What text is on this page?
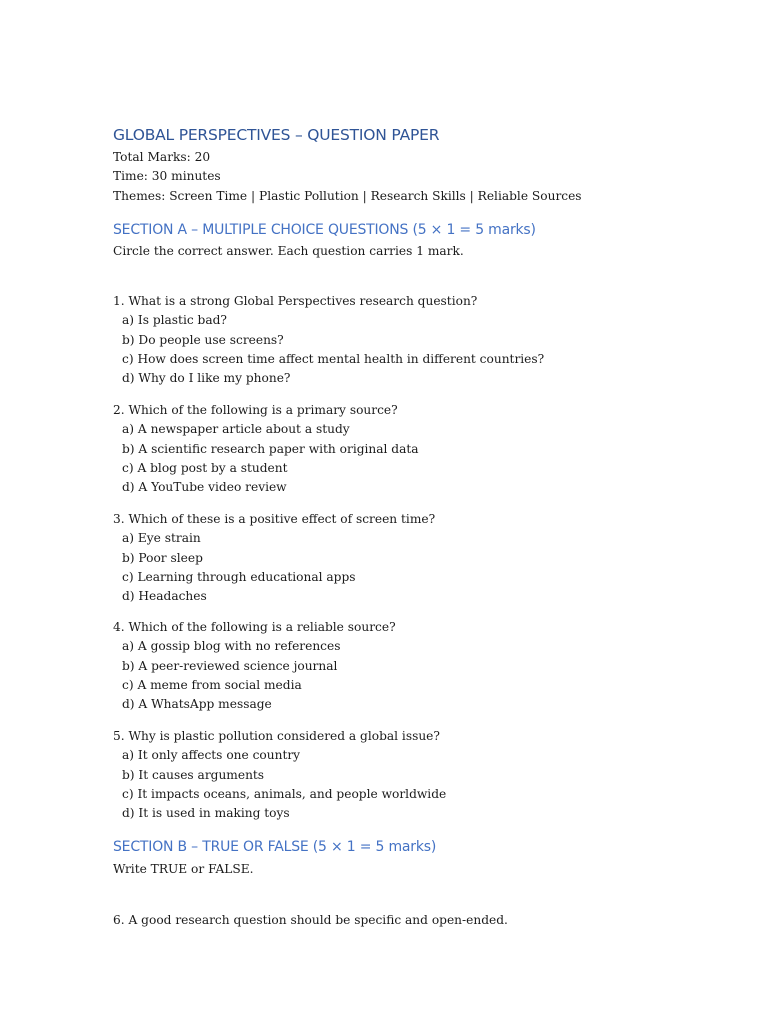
GLOBAL PERSPECTIVES – QUESTION PAPER
Total Marks: 20
Time: 30 minutes
Themes: Screen Time | Plastic Pollution | Research Skills | Reliable Sources
SECTION A – MULTIPLE CHOICE QUESTIONS (5 × 1 = 5 marks)
Circle the correct answer. Each question carries 1 mark.
1. What is a strong Global Perspectives research question?
a) Is plastic bad?
b) Do people use screens?
c) How does screen time affect mental health in different countries?
d) Why do I like my phone?
2. Which of the following is a primary source?
a) A newspaper article about a study
b) A scientific research paper with original data
c) A blog post by a student
d) A YouTube video review
3. Which of these is a positive effect of screen time?
a) Eye strain
b) Poor sleep
c) Learning through educational apps
d) Headaches
4. Which of the following is a reliable source?
a) A gossip blog with no references
b) A peer-reviewed science journal
c) A meme from social media
d) A WhatsApp message
5. Why is plastic pollution considered a global issue?
a) It only affects one country
b) It causes arguments
c) It impacts oceans, animals, and people worldwide
d) It is used in making toys
SECTION B – TRUE OR FALSE (5 × 1 = 5 marks)
Write TRUE or FALSE.
6. A good research question should be specific and open-ended.
